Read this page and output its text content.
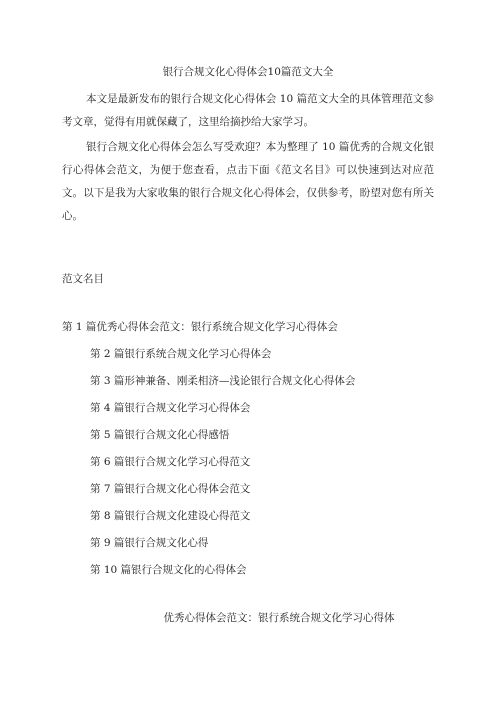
银行合规文化心得体会10篇范文大全

本文是最新发布的银行合规文化心得体会 10 篇范文大全的具体管理范文参考文章，觉得有用就保藏了，这里给摘抄给大家学习。

银行合规文化心得体会怎么写受欢迎？本为整理了 10 篇优秀的合规文化银行心得体会范文，为便于您查看，点击下面《范文名目》可以快速到达对应范文。以下是我为大家收集的银行合规文化心得体会，仅供参考，盼望对您有所关心。

范文名目
第 1 篇优秀心得体会范文：银行系统合规文化学习心得体会
第 2 篇银行系统合规文化学习心得体会
第 3 篇形神兼备、刚柔相济—浅论银行合规文化心得体会
第 4 篇银行合规文化学习心得体会
第 5 篇银行合规文化心得感悟
第 6 篇银行合规文化学习心得范文
第 7 篇银行合规文化心得体会范文
第 8 篇银行合规文化建设心得范文
第 9 篇银行合规文化心得
第 10 篇银行合规文化的心得体会
优秀心得体会范文：银行系统合规文化学习心得体
